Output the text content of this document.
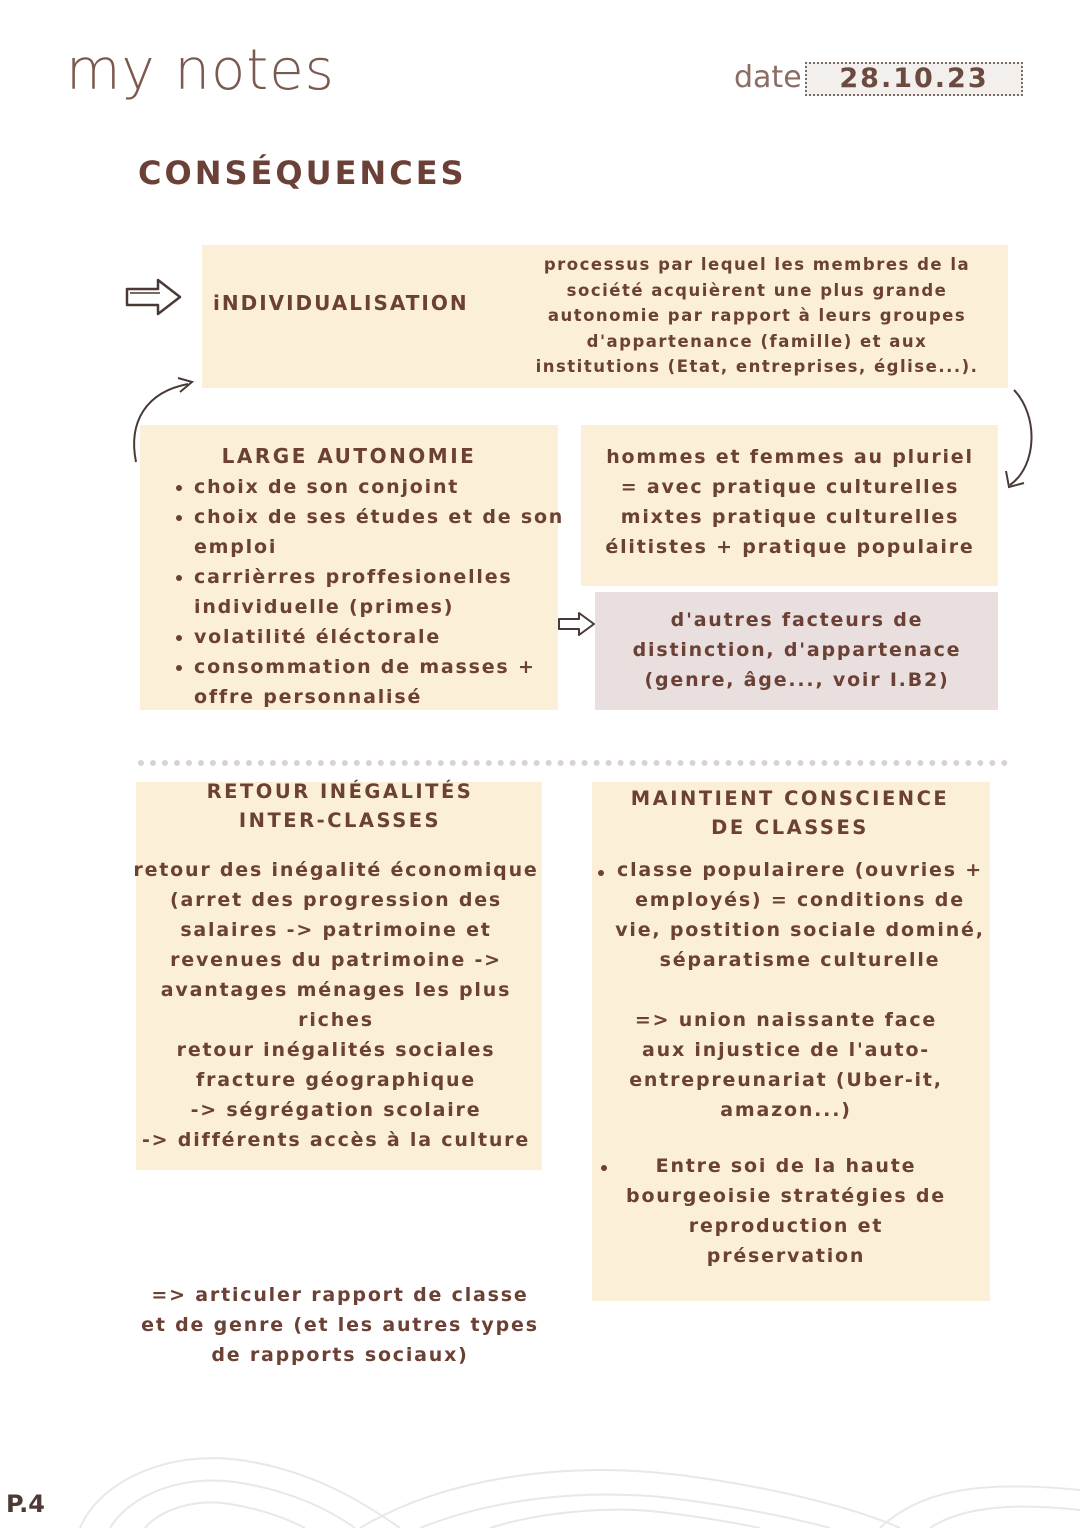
my notes	date	28.10.23
CONSÉQUENCES
iNDIVIDUALISATION
processus par lequel les membres de la société acquièrent une plus grande autonomie par rapport à leurs groupes d'appartenance (famille) et aux institutions (Etat, entreprises, église...).
LARGE AUTONOMIE
• choix de son conjoint
• choix de ses études et de son emploi
• carrièrres proffesionelles individuelle (primes)
• volatilité éléctorale
• consommation de masses + offre personnalisé
hommes et femmes au pluriel = avec pratique culturelles mixtes pratique culturelles élitistes + pratique populaire
d'autres facteurs de distinction, d'appartenace (genre, âge..., voir I.B2)
RETOUR INÉGALITÉS INTER-CLASSES
retour des inégalité économique (arret des progression des salaires -> patrimoine et revenues du patrimoine -> avantages ménages les plus riches
retour inégalités sociales
fracture géographique
-> ségrégation scolaire
-> différents accès à la culture
MAINTIENT CONSCIENCE DE CLASSES
classe populairere (ouvries + employés) = conditions de vie, postition sociale dominé, séparatisme culturelle
=> union naissante face aux injustice de l'auto-entrepreunariat (Uber-it, amazon...)
Entre soi de la haute bourgeoisie stratégies de reproduction et préservation
=> articuler rapport de classe et de genre (et les autres types de rapports sociaux)
P.4
